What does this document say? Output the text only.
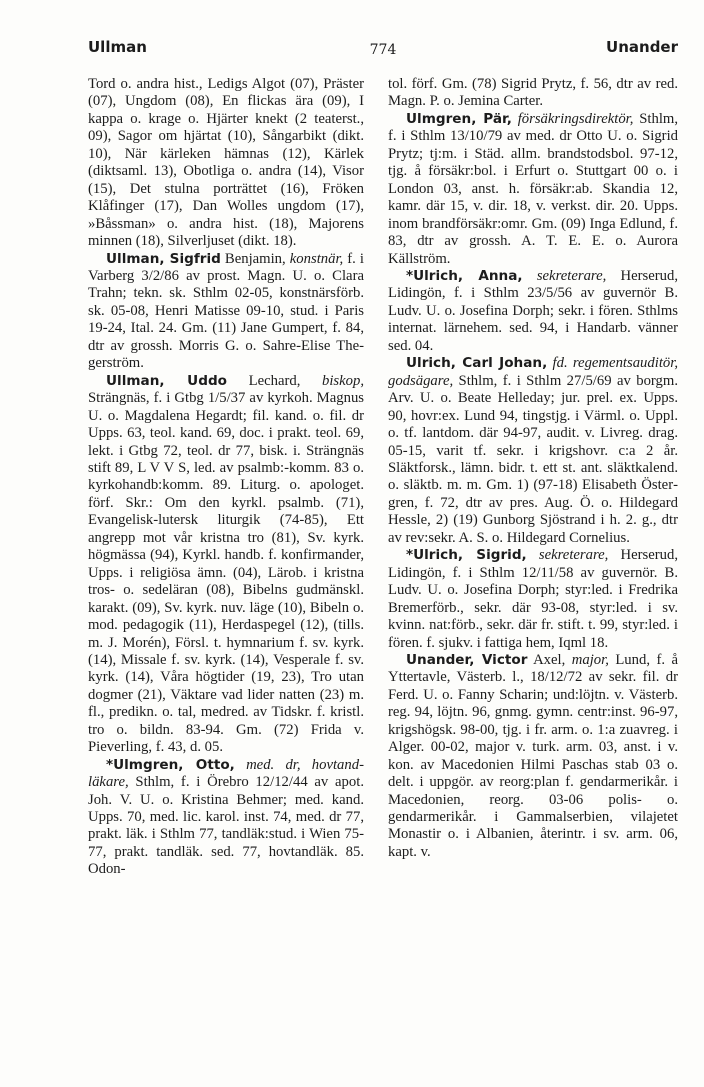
Ullman	774	Unander

Tord o. andra hist., Ledigs Algot (07), Präster (07), Ungdom (08), En flickas ära (09), I kappa o. krage o. Hjärter knekt (2 teaterst., 09), Sagor om hjärtat (10), Sångarbikt (dikt. 10), När kärleken hämnas (12), Kärlek (diktsaml. 13), Obotliga o. andra (14), Visor (15), Det stulna porträttet (16), Fröken Klåfinger (17), Dan Wolles ungdom (17), »Båssman» o. andra hist. (18), Majorens minnen (18), Silverljuset (dikt. 18).

Ullman, Sigfrid Benjamin, konstnär, f. i Varberg 3/2/86 av prost. Magn. U. o. Clara Trahn; tekn. sk. Sthlm 02-05, konstnärsförb. sk. 05-08, Henri Matisse 09-10, stud. i Paris 19-24, Ital. 24. Gm. (11) Jane Gumpert, f. 84, dtr av grossh. Morris G. o. Sahre-Elise Thegerström.

Ullman, Uddo Lechard, biskop, Strängnäs, f. i Gtbg 1/5/37 av kyrkoh. Magnus U. o. Magdalena Hegardt; fil. kand. o. fil. dr Upps. 63, teol. kand. 69, doc. i prakt. teol. 69, lekt. i Gtbg 72, teol. dr 77, bisk. i. Strängnäs stift 89, L V V S, led. av psalmb:-komm. 83 o. kyrkohandb:komm. 89. Liturg. o. apologet. förf. Skr.: Om den kyrkl. psalmb. (71), Evangelisk-lutersk liturgik (74-85), Ett angrepp mot vår kristna tro (81), Sv. kyrk. högmässa (94), Kyrkl. handb. f. konfirmander, Upps. i religiösa ämn. (04), Lärob. i kristna tros- o. sedeläran (08), Bibelns gudmänskl. karakt. (09), Sv. kyrk. nuv. läge (10), Bibeln o. mod. pedagogik (11), Herdaspegel (12), (tills. m. J. Morén), Försl. t. hymnarium f. sv. kyrk. (14), Missale f. sv. kyrk. (14), Vesperale f. sv. kyrk. (14), Våra högtider (19, 23), Tro utan dogmer (21), Väktare vad lider natten (23) m. fl., predikn. o. tal, medred. av Tidskr. f. kristl. tro o. bildn. 83-94. Gm. (72) Frida v. Pieverling, f. 43, d. 05.

*Ulmgren, Otto, med. dr, hovtandläkare, Sthlm, f. i Örebro 12/12/44 av apot. Joh. V. U. o. Kristina Behmer; med. kand. Upps. 70, med. lic. karol. inst. 74, med. dr 77, prakt. läk. i Sthlm 77, tandläk:stud. i Wien 75-77, prakt. tandläk. sed. 77, hovtandläk. 85. Odon-

tol. förf. Gm. (78) Sigrid Prytz, f. 56, dtr av red. Magn. P. o. Jemina Carter.

Ulmgren, Pär, försäkringsdirektör, Sthlm, f. i Sthlm 13/10/79 av med. dr Otto U. o. Sigrid Prytz; tj:m. i Städ. allm. brandstodsbol. 97-12, tjg. å försäkr:bol. i Erfurt o. Stuttgart 00 o. i London 03, anst. h. försäkr:ab. Skandia 12, kamr. där 15, v. dir. 18, v. verkst. dir. 20. Upps. inom brandförsäkr:omr. Gm. (09) Inga Edlund, f. 83, dtr av grossh. A. T. E. E. o. Aurora Källström.

*Ulrich, Anna, sekreterare, Herserud, Lidingön, f. i Sthlm 23/5/56 av guvernör B. Ludv. U. o. Josefina Dorph; sekr. i fören. Sthlms internat. lärnehem. sed. 94, i Handarb. vänner sed. 04.

Ulrich, Carl Johan, fd. regementsauditör, godsägare, Sthlm, f. i Sthlm 27/5/69 av borgm. Arv. U. o. Beate Helleday; jur. prel. ex. Upps. 90, hovr:ex. Lund 94, tingstjg. i Värml. o. Uppl. o. tf. lantdom. där 94-97, audit. v. Livreg. drag. 05-15, varit tf. sekr. i krigshovr. c:a 2 år. Släktforsk., lämn. bidr. t. ett st. ant. släktkalend. o. släktb. m. m. Gm. 1) (97-18) Elisabeth Östergren, f. 72, dtr av pres. Aug. Ö. o. Hildegard Hessle, 2) (19) Gunborg Sjöstrand i h. 2. g., dtr av rev:sekr. A. S. o. Hildegard Cornelius.

*Ulrich, Sigrid, sekreterare, Herserud, Lidingön, f. i Sthlm 12/11/58 av guvernör. B. Ludv. U. o. Josefina Dorph; styr:led. i Fredrika Bremerförb., sekr. där 93-08, styr:led. i sv. kvinn. nat:förb., sekr. där fr. stift. t. 99, styr:led. i fören. f. sjukv. i fattiga hem, Iqml 18.

Unander, Victor Axel, major, Lund, f. å Yttertavle, Västerb. l., 18/12/72 av sekr. fil. dr Ferd. U. o. Fanny Scharin; und:löjtn. v. Västerb. reg. 94, löjtn. 96, gnmg. gymn. centr:inst. 96-97, krigshögsk. 98-00, tjg. i fr. arm. o. 1:a zuavreg. i Alger. 00-02, major v. turk. arm. 03, anst. i v. kon. av Macedonien Hilmi Paschas stab 03 o. delt. i uppgör. av reorg:plan f. gendarmerikår. i Macedonien, reorg. 03-06 polis- o. gendarmerikår. i Gammalserbien, vilajetet Monastir o. i Albanien, återintr. i sv. arm. 06, kapt. v.
